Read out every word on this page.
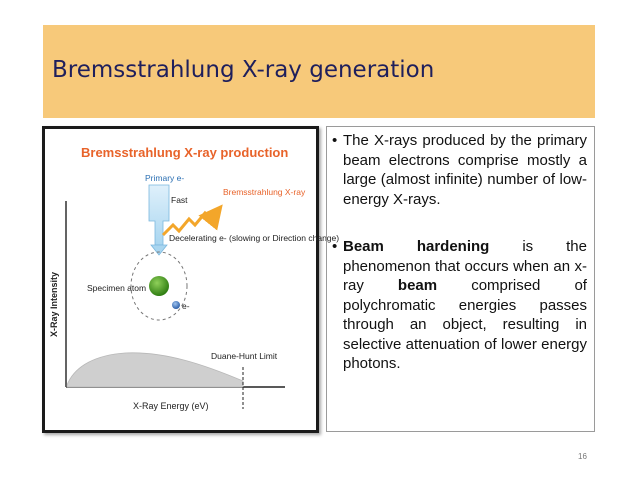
Bremsstrahlung X-ray generation
Bremsstrahlung X-ray production
X-Ray Intensity
Duane-Hunt Limit
X-Ray Energy (eV)
Primary e-
Fast
Bremsstrahlung X-ray
Decelerating e- (slowing or Direction change)
e-
Specimen atom
• The X-rays produced by the primary beam electrons comprise mostly a large (almost infinite) number of low-energy X-rays.
• Beam hardening is the phenomenon that occurs when an x-ray beam comprised of polychromatic energies passes through an object, resulting in selective attenuation of lower energy photons.
16
